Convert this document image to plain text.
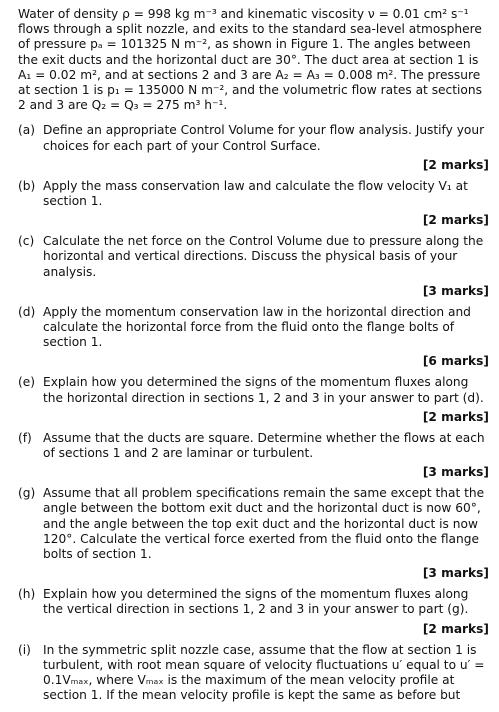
Water of density ρ = 998 kg m⁻³ and kinematic viscosity ν = 0.01 cm² s⁻¹ flows through a split nozzle, and exits to the standard sea-level atmosphere of pressure pₐ = 101325 N m⁻², as shown in Figure 1. The angles between the exit ducts and the horizontal duct are 30°. The duct area at section 1 is A₁ = 0.02 m², and at sections 2 and 3 are A₂ = A₃ = 0.008 m². The pressure at section 1 is p₁ = 135000 N m⁻², and the volumetric flow rates at sections 2 and 3 are Q₂ = Q₃ = 275 m³ h⁻¹.

(a) Define an appropriate Control Volume for your flow analysis. Justify your choices for each part of your Control Surface.

[2 marks]

(b) Apply the mass conservation law and calculate the flow velocity V₁ at section 1.

[2 marks]

(c) Calculate the net force on the Control Volume due to pressure along the horizontal and vertical directions. Discuss the physical basis of your analysis.

[3 marks]

(d) Apply the momentum conservation law in the horizontal direction and calculate the horizontal force from the fluid onto the flange bolts of section 1.

[6 marks]

(e) Explain how you determined the signs of the momentum fluxes along the horizontal direction in sections 1, 2 and 3 in your answer to part (d).

[2 marks]

(f) Assume that the ducts are square. Determine whether the flows at each of sections 1 and 2 are laminar or turbulent.

[3 marks]

(g) Assume that all problem specifications remain the same except that the angle between the bottom exit duct and the horizontal duct is now 60°, and the angle between the top exit duct and the horizontal duct is now 120°. Calculate the vertical force exerted from the fluid onto the flange bolts of section 1.

[3 marks]

(h) Explain how you determined the signs of the momentum fluxes along the vertical direction in sections 1, 2 and 3 in your answer to part (g).

[2 marks]

(i) In the symmetric split nozzle case, assume that the flow at section 1 is turbulent, with root mean square of velocity fluctuations u′ equal to u′ = 0.1Vₘₐₓ, where Vₘₐₓ is the maximum of the mean velocity profile at section 1. If the mean velocity profile is kept the same as before but
